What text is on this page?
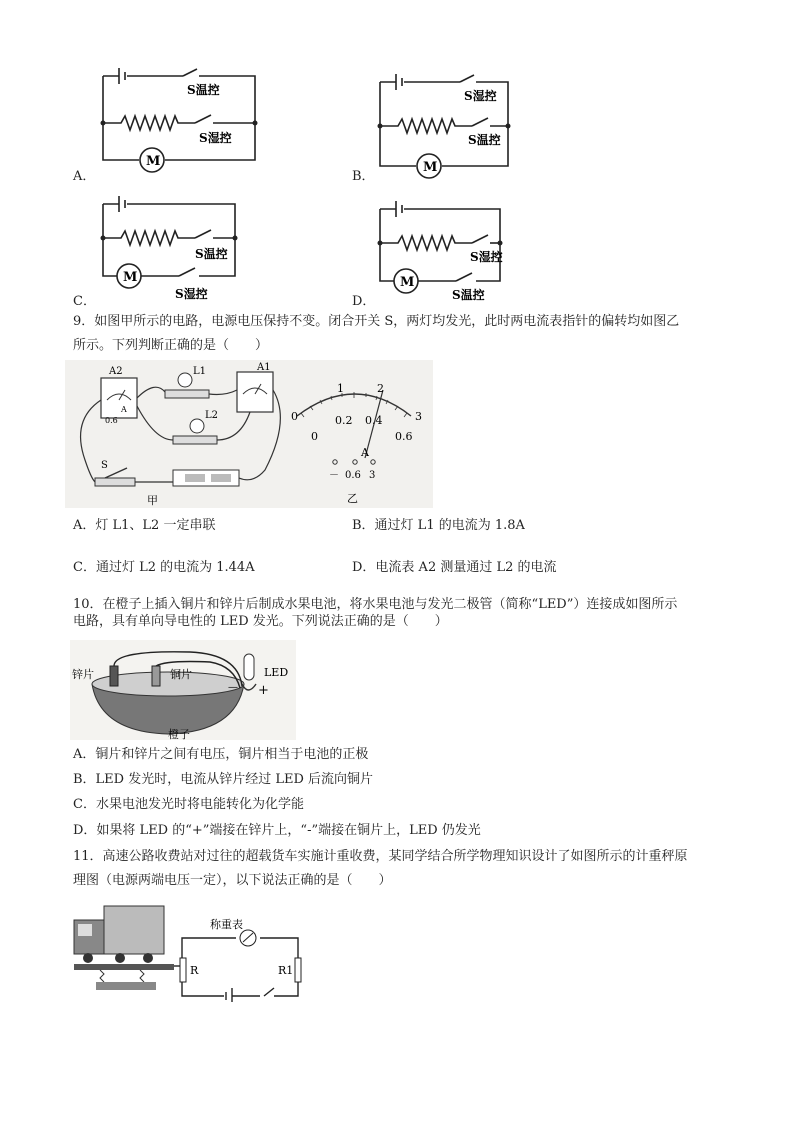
M
S温控
S湿控
A．
M
S湿控
S温控
B．
M
S温控
S湿控
C．
M
S湿控
S温控
D．
9．如图甲所示的电路，电源电压保持不变。闭合开关 S，两灯均发光，此时两电流表指针的偏转均如图乙
所示。下列判断正确的是（　　）
A2
A
0.6
L1
L2
A1
S
甲
0
1	2
3
0
0.2 0.4
0.6
A
－ 0.6 3
乙
A．灯 L1、L2 一定串联	B．通过灯 L1 的电流为 1.8A
C．通过灯 L2 的电流为 1.44A	D．电流表 A2 测量通过 L2 的电流
10．在橙子上插入铜片和锌片后制成水果电池，将水果电池与发光二极管（简称“LED”）连接成如图所示
电路，具有单向导电性的 LED 发光。下列说法正确的是（　　）
锌片	铜片	LED
— +
橙子
A．铜片和锌片之间有电压，铜片相当于电池的正极
B．LED 发光时，电流从锌片经过 LED 后流向铜片
C．水果电池发光时将电能转化为化学能
D．如果将 LED 的“+”端接在锌片上，“-”端接在铜片上，LED 仍发光
11．高速公路收费站对过往的超载货车实施计重收费，某同学结合所学物理知识设计了如图所示的计重秤原
理图（电源两端电压一定），以下说法正确的是（　　）
称重表
R	R1
